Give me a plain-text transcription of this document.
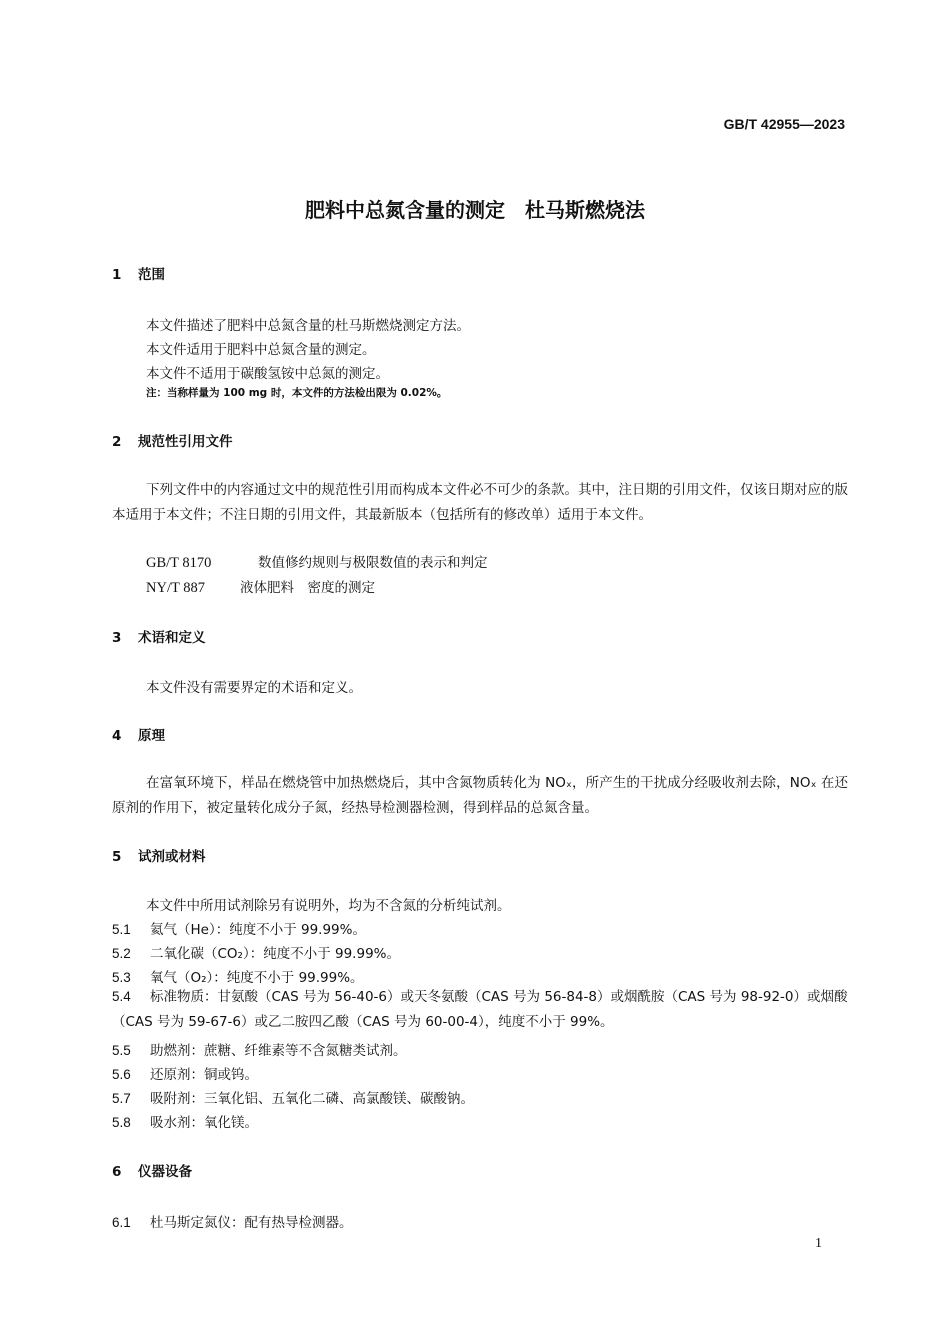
GB/T 42955—2023
肥料中总氮含量的测定　杜马斯燃烧法
1 范围
本文件描述了肥料中总氮含量的杜马斯燃烧测定方法。
本文件适用于肥料中总氮含量的测定。
本文件不适用于碳酸氢铵中总氮的测定。
注：当称样量为 100 mg 时，本文件的方法检出限为 0.02%。
2 规范性引用文件
下列文件中的内容通过文中的规范性引用而构成本文件必不可少的条款。其中，注日期的引用文件，仅该日期对应的版本适用于本文件；不注日期的引用文件，其最新版本（包括所有的修改单）适用于本文件。
GB/T 8170	数值修约规则与极限数值的表示和判定
NY/T 887	液体肥料　密度的测定
3 术语和定义
本文件没有需要界定的术语和定义。
4 原理
在富氧环境下，样品在燃烧管中加热燃烧后，其中含氮物质转化为 NOₓ，所产生的干扰成分经吸收剂去除，NOₓ 在还原剂的作用下，被定量转化成分子氮，经热导检测器检测，得到样品的总氮含量。
5 试剂或材料
本文件中所用试剂除另有说明外，均为不含氮的分析纯试剂。
5.1 氦气（He）：纯度不小于 99.99%。
5.2 二氧化碳（CO₂）：纯度不小于 99.99%。
5.3 氧气（O₂）：纯度不小于 99.99%。
5.4 标准物质：甘氨酸（CAS 号为 56-40-6）或天冬氨酸（CAS 号为 56-84-8）或烟酰胺（CAS 号为 98-92-0）或烟酸（CAS 号为 59-67-6）或乙二胺四乙酸（CAS 号为 60-00-4），纯度不小于 99%。
5.5 助燃剂：蔗糖、纤维素等不含氮糖类试剂。
5.6 还原剂：铜或钨。
5.7 吸附剂：三氧化铝、五氧化二磷、高氯酸镁、碳酸钠。
5.8 吸水剂：氧化镁。
6 仪器设备
6.1 杜马斯定氮仪：配有热导检测器。
1
